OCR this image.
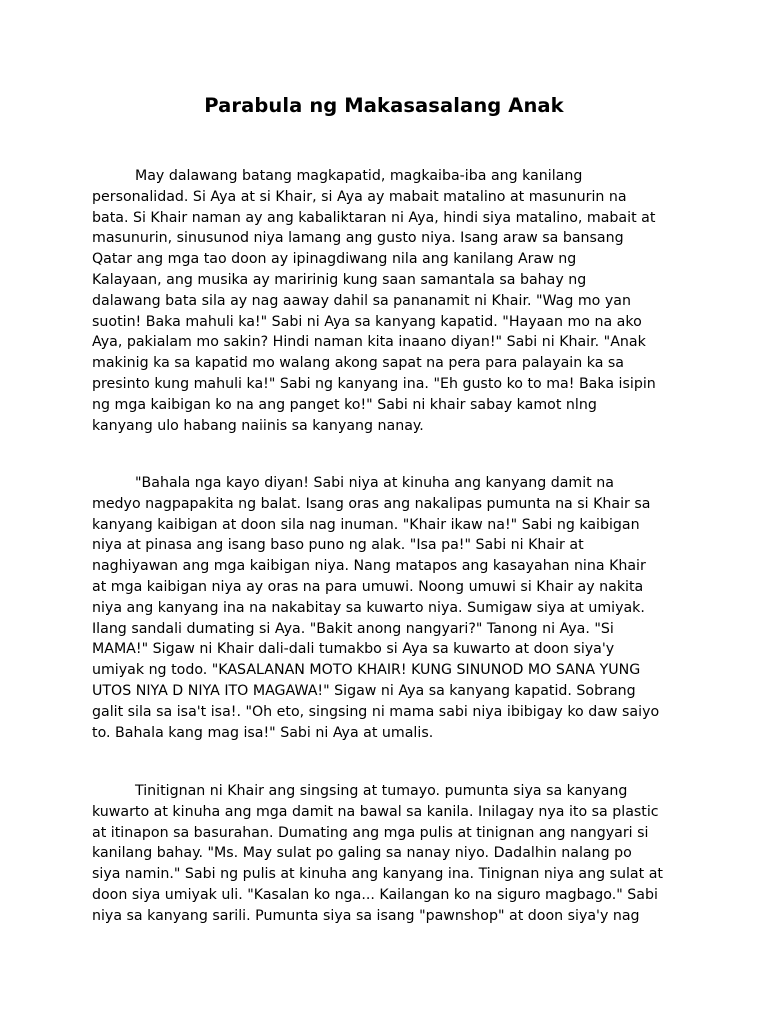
Parabula ng Makasasalang Anak

May dalawang batang magkapatid, magkaiba-iba ang kanilang
personalidad. Si Aya at si Khair, si Aya ay mabait matalino at masunurin na
bata. Si Khair naman ay ang kabaliktaran ni Aya, hindi siya matalino, mabait at
masunurin, sinusunod niya lamang ang gusto niya. Isang araw sa bansang
Qatar ang mga tao doon ay ipinagdiwang nila ang kanilang Araw ng
Kalayaan, ang musika ay maririnig kung saan samantala sa bahay ng
dalawang bata sila ay nag aaway dahil sa pananamit ni Khair. "Wag mo yan
suotin! Baka mahuli ka!" Sabi ni Aya sa kanyang kapatid. "Hayaan mo na ako
Aya, pakialam mo sakin? Hindi naman kita inaano diyan!" Sabi ni Khair. "Anak
makinig ka sa kapatid mo walang akong sapat na pera para palayain ka sa
presinto kung mahuli ka!" Sabi ng kanyang ina. "Eh gusto ko to ma! Baka isipin
ng mga kaibigan ko na ang panget ko!" Sabi ni khair sabay kamot nlng
kanyang ulo habang naiinis sa kanyang nanay.

"Bahala nga kayo diyan! Sabi niya at kinuha ang kanyang damit na
medyo nagpapakita ng balat. Isang oras ang nakalipas pumunta na si Khair sa
kanyang kaibigan at doon sila nag inuman. "Khair ikaw na!" Sabi ng kaibigan
niya at pinasa ang isang baso puno ng alak. "Isa pa!" Sabi ni Khair at
naghiyawan ang mga kaibigan niya. Nang matapos ang kasayahan nina Khair
at mga kaibigan niya ay oras na para umuwi. Noong umuwi si Khair ay nakita
niya ang kanyang ina na nakabitay sa kuwarto niya. Sumigaw siya at umiyak.
Ilang sandali dumating si Aya. "Bakit anong nangyari?" Tanong ni Aya. "Si
MAMA!" Sigaw ni Khair dali-dali tumakbo si Aya sa kuwarto at doon siya'y
umiyak ng todo. "KASALANAN MOTO KHAIR! KUNG SINUNOD MO SANA YUNG
UTOS NIYA D NIYA ITO MAGAWA!" Sigaw ni Aya sa kanyang kapatid. Sobrang
galit sila sa isa't isa!. "Oh eto, singsing ni mama sabi niya ibibigay ko daw saiyo
to. Bahala kang mag isa!" Sabi ni Aya at umalis.

Tinitignan ni Khair ang singsing at tumayo. pumunta siya sa kanyang
kuwarto at kinuha ang mga damit na bawal sa kanila. Inilagay nya ito sa plastic
at itinapon sa basurahan. Dumating ang mga pulis at tinignan ang nangyari si
kanilang bahay. "Ms. May sulat po galing sa nanay niyo. Dadalhin nalang po
siya namin." Sabi ng pulis at kinuha ang kanyang ina. Tinignan niya ang sulat at
doon siya umiyak uli. "Kasalan ko nga... Kailangan ko na siguro magbago." Sabi
niya sa kanyang sarili. Pumunta siya sa isang "pawnshop" at doon siya'y nag
